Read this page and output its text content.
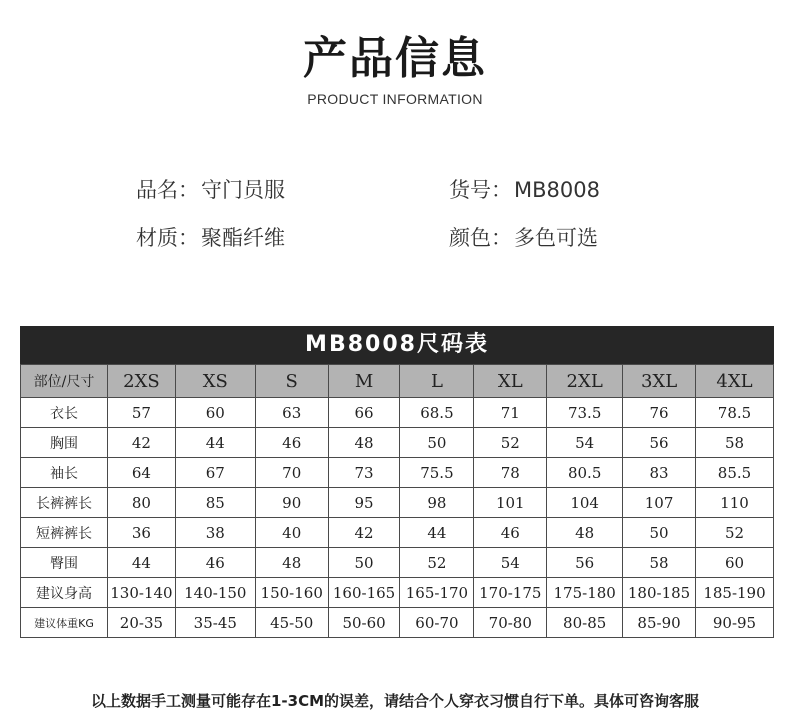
产品信息
PRODUCT INFORMATION
品名：守门员服	货号：MB8008
材质：聚酯纤维	颜色：多色可选
MB8008尺码表
部位/尺寸	2XS	XS	S	M	L	XL	2XL	3XL	4XL
衣长	57	60	63	66	68.5	71	73.5	76	78.5
胸围	42	44	46	48	50	52	54	56	58
袖长	64	67	70	73	75.5	78	80.5	83	85.5
长裤裤长	80	85	90	95	98	101	104	107	110
短裤裤长	36	38	40	42	44	46	48	50	52
臀围	44	46	48	50	52	54	56	58	60
建议身高	130-140	140-150	150-160	160-165	165-170	170-175	175-180	180-185	185-190
建议体重KG	20-35	35-45	45-50	50-60	60-70	70-80	80-85	85-90	90-95
以上数据手工测量可能存在1-3CM的误差，请结合个人穿衣习惯自行下单。具体可咨询客服
